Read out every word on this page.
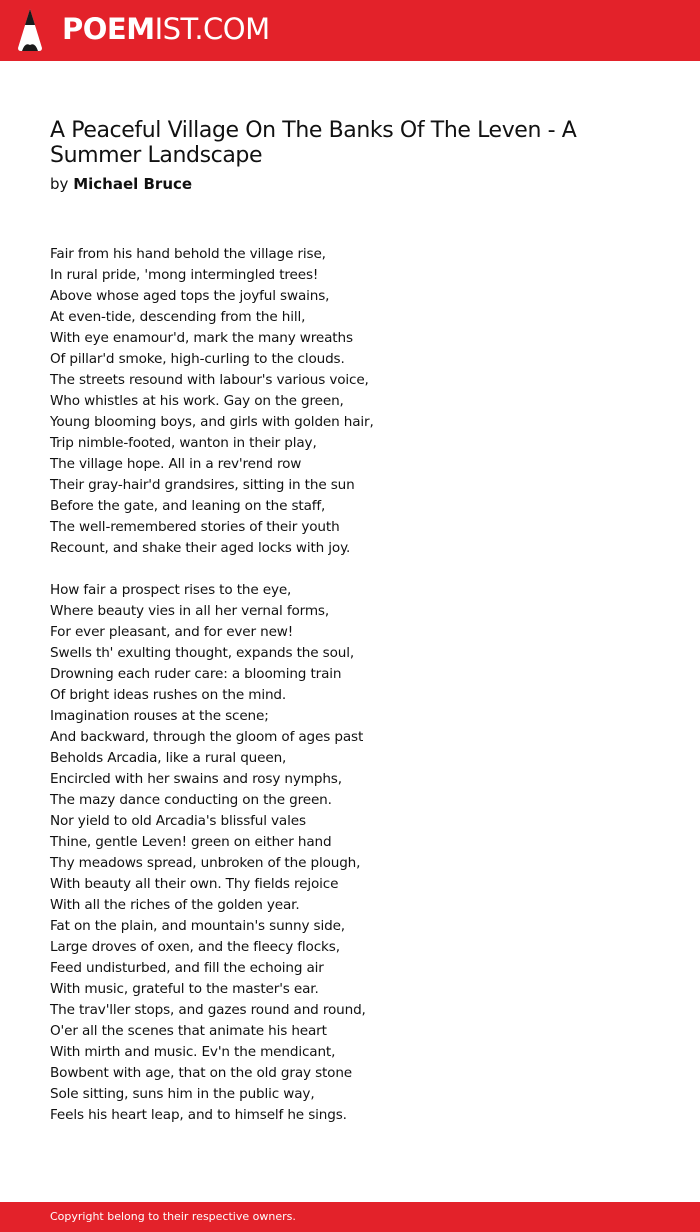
POEM IST.COM
A Peaceful Village On The Banks Of The Leven - A Summer Landscape
by Michael Bruce
Fair from his hand behold the village rise,
In rural pride, 'mong intermingled trees!
Above whose aged tops the joyful swains,
At even-tide, descending from the hill,
With eye enamour'd, mark the many wreaths
Of pillar'd smoke, high-curling to the clouds.
The streets resound with labour's various voice,
Who whistles at his work. Gay on the green,
Young blooming boys, and girls with golden hair,
Trip nimble-footed, wanton in their play,
The village hope. All in a rev'rend row
Their gray-hair'd grandsires, sitting in the sun
Before the gate, and leaning on the staff,
The well-remembered stories of their youth
Recount, and shake their aged locks with joy.
How fair a prospect rises to the eye,
Where beauty vies in all her vernal forms,
For ever pleasant, and for ever new!
Swells th' exulting thought, expands the soul,
Drowning each ruder care: a blooming train
Of bright ideas rushes on the mind.
Imagination rouses at the scene;
And backward, through the gloom of ages past
Beholds Arcadia, like a rural queen,
Encircled with her swains and rosy nymphs,
The mazy dance conducting on the green.
Nor yield to old Arcadia's blissful vales
Thine, gentle Leven! green on either hand
Thy meadows spread, unbroken of the plough,
With beauty all their own. Thy fields rejoice
With all the riches of the golden year.
Fat on the plain, and mountain's sunny side,
Large droves of oxen, and the fleecy flocks,
Feed undisturbed, and fill the echoing air
With music, grateful to the master's ear.
The trav'ller stops, and gazes round and round,
O'er all the scenes that animate his heart
With mirth and music. Ev'n the mendicant,
Bowbent with age, that on the old gray stone
Sole sitting, suns him in the public way,
Feels his heart leap, and to himself he sings.
Copyright belong to their respective owners.
